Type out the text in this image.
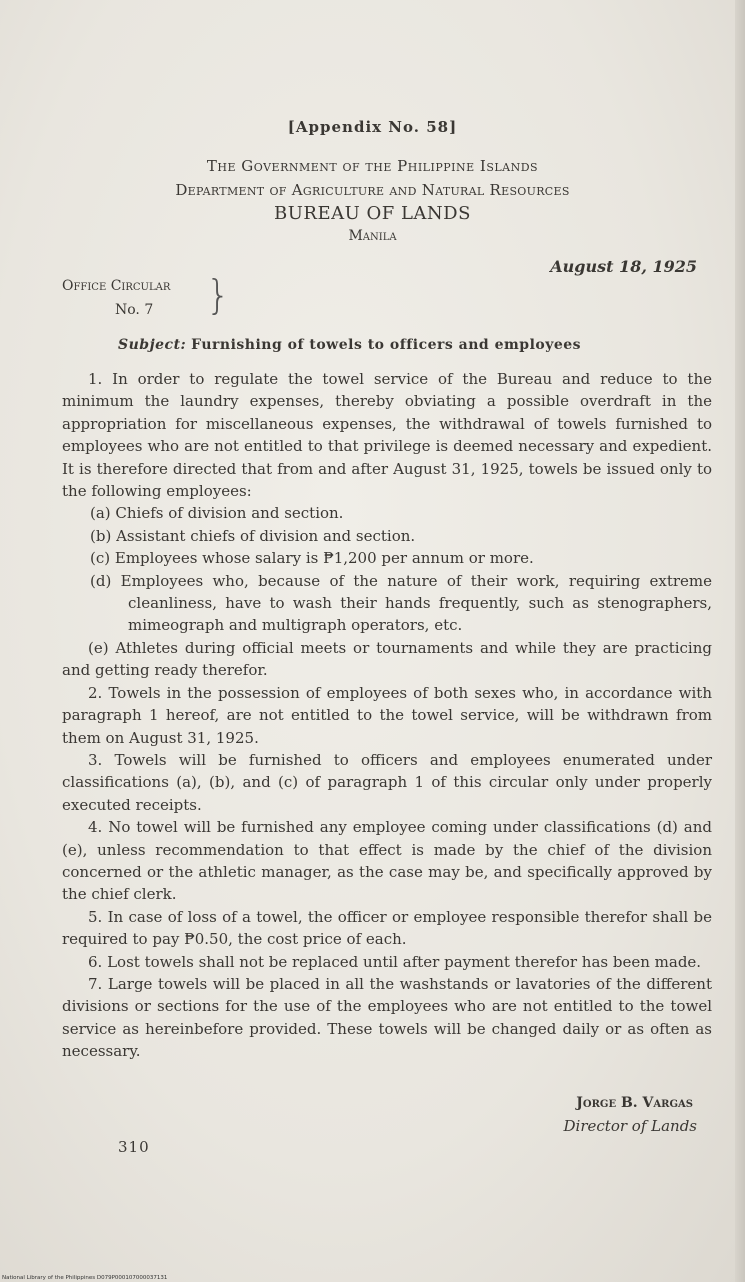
[Appendix No. 58]
The Government of the Philippine Islands
Department of Agriculture and Natural Resources
BUREAU OF LANDS
Manila
August 18, 1925
Office Circular
No. 7 }
Subject: Furnishing of towels to officers and employees

1. In order to regulate the towel service of the Bureau and reduce to the minimum the laundry expenses, thereby obviating a possible overdraft in the appropriation for miscellaneous expenses, the withdrawal of towels furnished to employees who are not entitled to that privilege is deemed necessary and expedient. It is therefore directed that from and after August 31, 1925, towels be issued only to the following employees:

(a) Chiefs of division and section.

(b) Assistant chiefs of division and section.

(c) Employees whose salary is ₱1,200 per annum or more.

(d) Employees who, because of the nature of their work, requiring extreme cleanliness, have to wash their hands frequently, such as stenographers, mimeograph and multigraph operators, etc.

(e) Athletes during official meets or tournaments and while they are practicing and getting ready therefor.

2. Towels in the possession of employees of both sexes who, in accordance with paragraph 1 hereof, are not entitled to the towel service, will be withdrawn from them on August 31, 1925.

3. Towels will be furnished to officers and employees enumerated under classifications (a), (b), and (c) of paragraph 1 of this circular only under properly executed receipts.

4. No towel will be furnished any employee coming under classifications (d) and (e), unless recommendation to that effect is made by the chief of the division concerned or the athletic manager, as the case may be, and specifically approved by the chief clerk.

5. In case of loss of a towel, the officer or employee responsible therefor shall be required to pay ₱0.50, the cost price of each.

6. Lost towels shall not be replaced until after payment therefor has been made.

7. Large towels will be placed in all the washstands or lavatories of the different divisions or sections for the use of the employees who are not entitled to the towel service as hereinbefore provided. These towels will be changed daily or as often as necessary.

Jorge B. Vargas
Director of Lands
310
National Library of the Philippines D079P000107000037131
